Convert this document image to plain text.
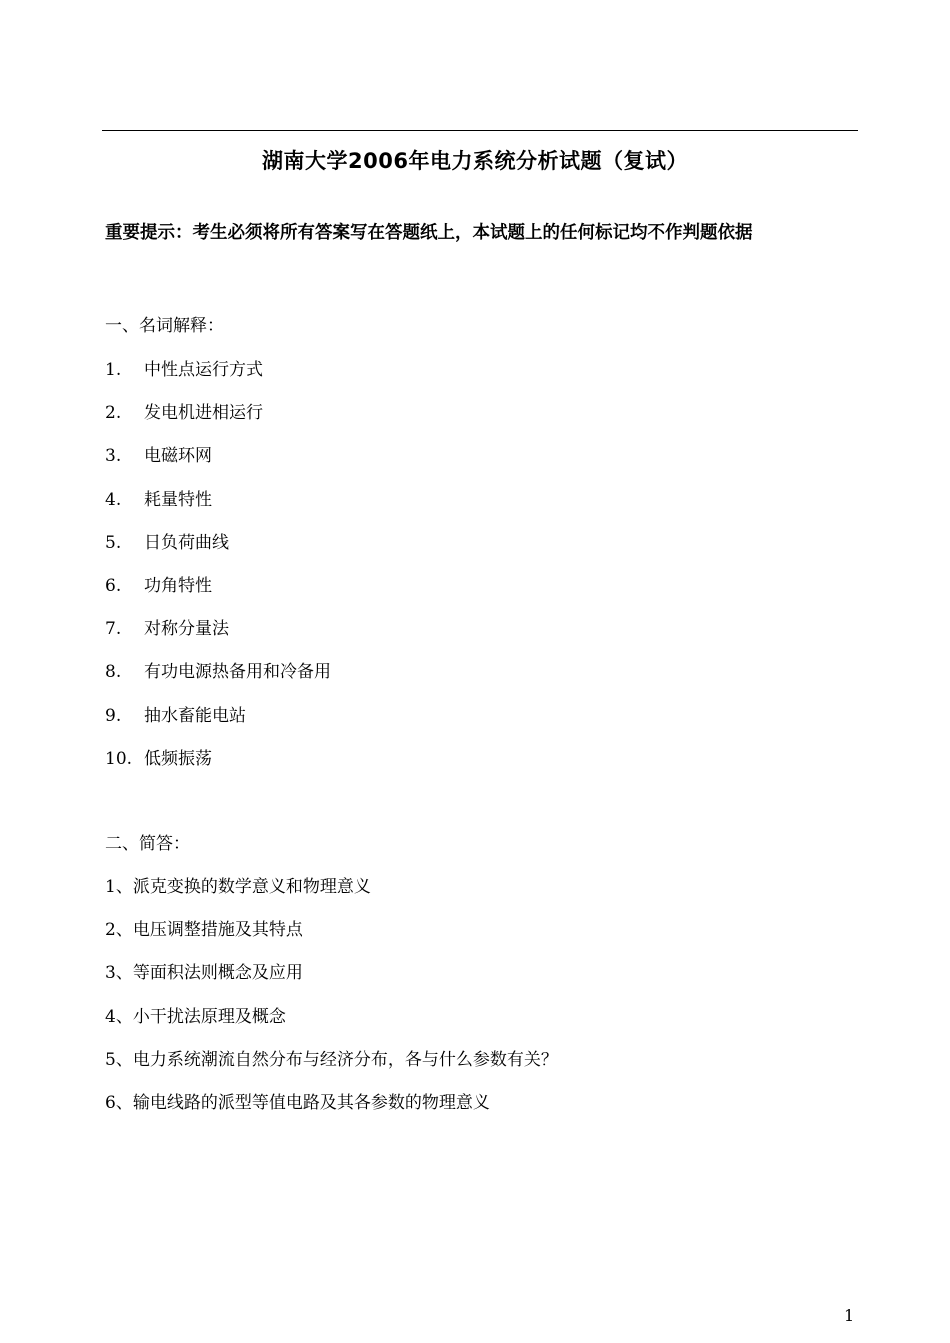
湖南大学2006年电力系统分析试题（复试）
重要提示：考生必须将所有答案写在答题纸上，本试题上的任何标记均不作判题依据
一、名词解释：
1.	中性点运行方式
2.	发电机进相运行
3.	电磁环网
4.	耗量特性
5.	日负荷曲线
6.	功角特性
7.	对称分量法
8.	有功电源热备用和冷备用
9.	抽水畜能电站
10. 低频振荡
二、简答：
1、派克变换的数学意义和物理意义
2、电压调整措施及其特点
3、等面积法则概念及应用
4、小干扰法原理及概念
5、电力系统潮流自然分布与经济分布，各与什么参数有关？
6、输电线路的派型等值电路及其各参数的物理意义
1
